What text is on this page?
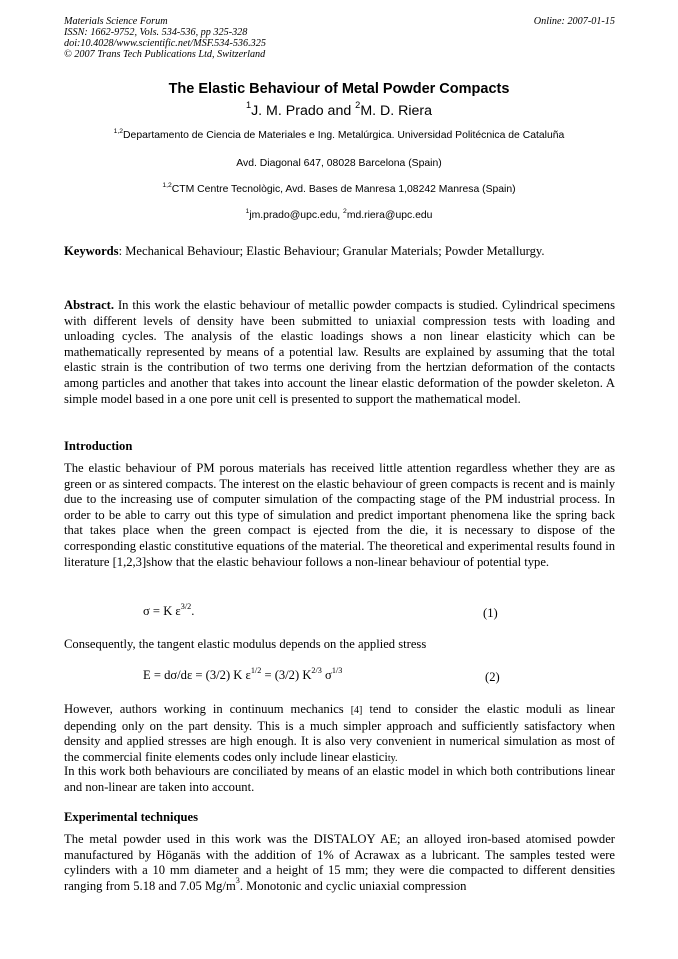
Materials Science Forum
ISSN: 1662-9752, Vols. 534-536, pp 325-328
doi:10.4028/www.scientific.net/MSF.534-536.325
© 2007 Trans Tech Publications Ltd, Switzerland
Online: 2007-01-15
The Elastic Behaviour of Metal Powder Compacts
$^1$J. M. Prado and $^2$M. D. Riera
$^{1,2}$Departamento de Ciencia de Materiales e Ing. Metalúrgica. Universidad Politécnica de Cataluña
Avd. Diagonal 647, 08028 Barcelona (Spain)
$^{1,2}$CTM Centre Tecnològic, Avd. Bases de Manresa 1,08242 Manresa (Spain)
$^1$jm.prado@upc.edu, $^2$md.riera@upc.edu
Keywords: Mechanical Behaviour; Elastic Behaviour; Granular Materials; Powder Metallurgy.

Abstract. In this work the elastic behaviour of metallic powder compacts is studied. Cylindrical specimens with different levels of density have been submitted to uniaxial compression tests with loading and unloading cycles. The analysis of the elastic loadings shows a non linear elasticity which can be mathematically represented by means of a potential law. Results are explained by assuming that the total elastic strain is the contribution of two terms one deriving from the hertzian deformation of the contacts among particles and another that takes into account the linear elastic deformation of the powder skeleton. A simple model based in a one pore unit cell is presented to support the mathematical model.

Introduction

The elastic behaviour of PM porous materials has received little attention regardless whether they are as green or as sintered compacts. The interest on the elastic behaviour of green compacts is recent and is mainly due to the increasing use of computer simulation of the compacting stage of the PM industrial process. In order to be able to carry out this type of simulation and predict important phenomena like the spring back that takes place when the green compact is ejected from the die, it is necessary to dispose of the corresponding elastic constitutive equations of the material. The theoretical and experimental results found in literature [1,2,3]show that the elastic behaviour follows a non-linear behaviour of potential type.

σ = K $\varepsilon^{3/2}$.	(1)

Consequently, the tangent elastic modulus depends on the applied stress

E = dσ/dε = (3/2) K $\varepsilon^{1/2} = (3/2)$ $K^{2/3}$ $\sigma^{1/3}$	(2)

However, authors working in continuum mechanics [4] tend to consider the elastic moduli as linear depending only on the part density. This is a much simpler approach and sufficiently satisfactory when density and applied stresses are high enough. It is also very convenient in numerical simulation as most of the commercial finite elements codes only include linear elasticity.

In this work both behaviours are conciliated by means of an elastic model in which both contributions linear and non-linear are taken into account.

Experimental techniques

The metal powder used in this work was the DISTALOY AE; an alloyed iron-based atomised powder manufactured by Höganäs with the addition of 1% of Acrawax as a lubricant. The samples tested were cylinders with a 10 mm diameter and a height of 15 mm; they were die compacted to different densities ranging from 5.18 and 7.05 $Mg/m^3$. Monotonic and cyclic uniaxial compression
